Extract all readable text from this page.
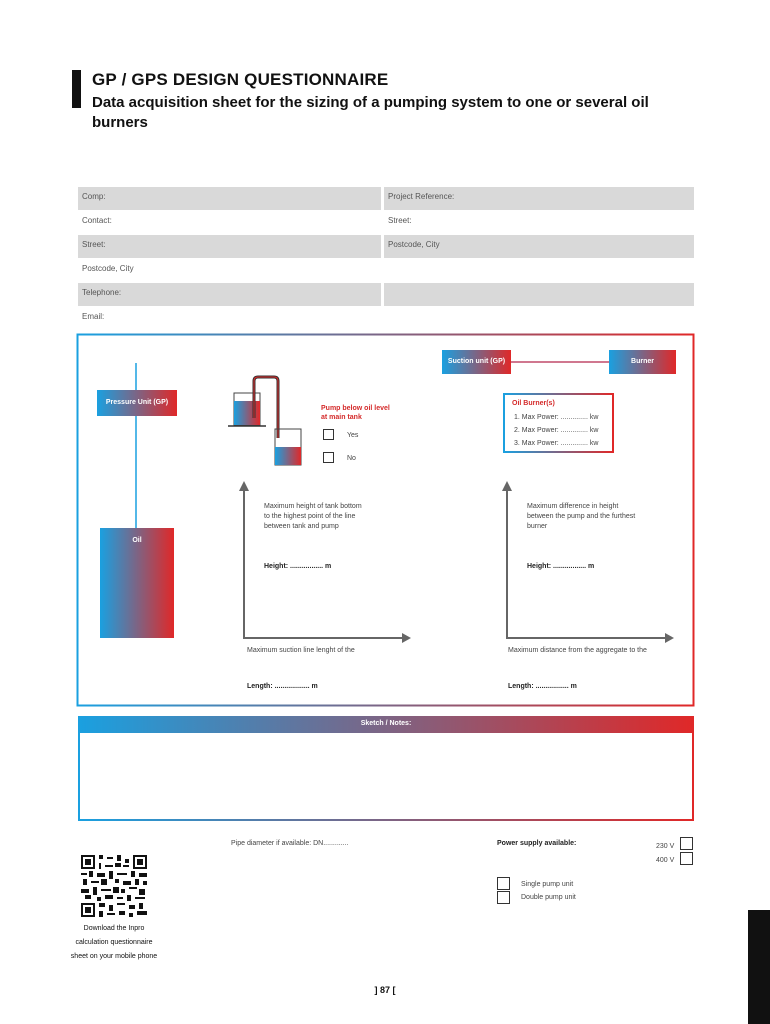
GP / GPS DESIGN QUESTIONNAIRE
Data acquisition sheet for the sizing of a pumping system to one or several oil burners
Comp:	Project Reference:
Contact:	Street:
Street:	Postcode, City
Postcode, City
Telephone:
Email:
Suction unit (GP)	Burner
Pressure Unit (GP)
Oil
Pump below oil level
at main tank
Yes
No
Oil Burner(s)
1. Max Power: .............. kw
2. Max Power: .............. kw
3. Max Power: .............. kw
Maximum height of tank bottom to the highest point of the line between tank and pump
Height: ................. m
Maximum suction line lenght of the
Length: .................. m
Maximum difference in height between the pump and the furthest burner
Height: ................. m
Maximum distance from the aggregate to the
Length: ................. m
Sketch / Notes:
Pipe diameter if available: DN.............	Power supply available:	230 V
400 V
Single pump unit
Double pump unit
Download the Inpro
calculation questionnaire
sheet on your mobile phone
] 87 [
